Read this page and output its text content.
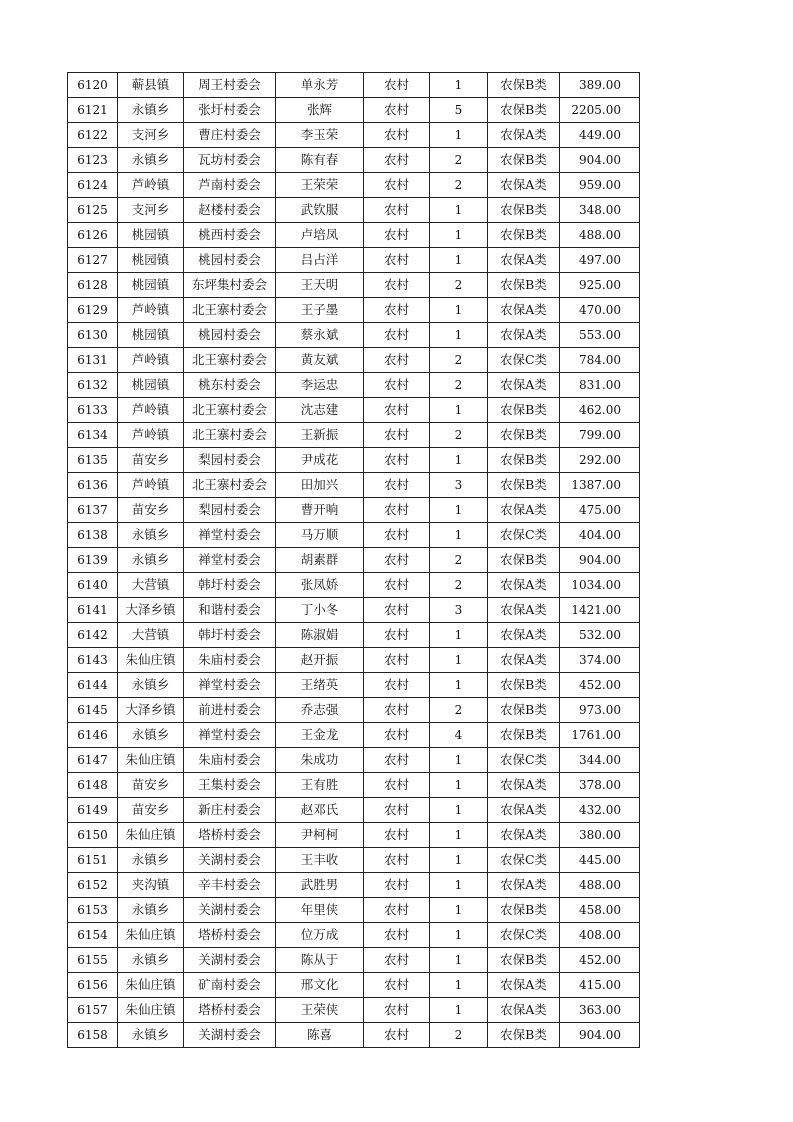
6120	蕲县镇	周王村委会	单永芳	农村	1	农保B类	389.00
6121	永镇乡	张圩村委会	张辉	农村	5	农保B类	2205.00
6122	支河乡	曹庄村委会	李玉荣	农村	1	农保A类	449.00
6123	永镇乡	瓦坊村委会	陈有春	农村	2	农保B类	904.00
6124	芦岭镇	芦南村委会	王荣荣	农村	2	农保A类	959.00
6125	支河乡	赵楼村委会	武钦服	农村	1	农保B类	348.00
6126	桃园镇	桃西村委会	卢培凤	农村	1	农保B类	488.00
6127	桃园镇	桃园村委会	吕占洋	农村	1	农保A类	497.00
6128	桃园镇	东坪集村委会	王天明	农村	2	农保B类	925.00
6129	芦岭镇	北王寨村委会	王子墨	农村	1	农保A类	470.00
6130	桃园镇	桃园村委会	蔡永斌	农村	1	农保A类	553.00
6131	芦岭镇	北王寨村委会	黄友斌	农村	2	农保C类	784.00
6132	桃园镇	桃东村委会	李运忠	农村	2	农保A类	831.00
6133	芦岭镇	北王寨村委会	沈志建	农村	1	农保B类	462.00
6134	芦岭镇	北王寨村委会	王新振	农村	2	农保B类	799.00
6135	苗安乡	梨园村委会	尹成花	农村	1	农保B类	292.00
6136	芦岭镇	北王寨村委会	田加兴	农村	3	农保B类	1387.00
6137	苗安乡	梨园村委会	曹开响	农村	1	农保A类	475.00
6138	永镇乡	禅堂村委会	马万顺	农村	1	农保C类	404.00
6139	永镇乡	禅堂村委会	胡素群	农村	2	农保B类	904.00
6140	大营镇	韩圩村委会	张凤娇	农村	2	农保A类	1034.00
6141	大泽乡镇	和谐村委会	丁小冬	农村	3	农保A类	1421.00
6142	大营镇	韩圩村委会	陈淑娟	农村	1	农保A类	532.00
6143	朱仙庄镇	朱庙村委会	赵开振	农村	1	农保A类	374.00
6144	永镇乡	禅堂村委会	王绪英	农村	1	农保B类	452.00
6145	大泽乡镇	前进村委会	乔志强	农村	2	农保B类	973.00
6146	永镇乡	禅堂村委会	王金龙	农村	4	农保B类	1761.00
6147	朱仙庄镇	朱庙村委会	朱成功	农村	1	农保C类	344.00
6148	苗安乡	王集村委会	王有胜	农村	1	农保A类	378.00
6149	苗安乡	新庄村委会	赵邓氏	农村	1	农保A类	432.00
6150	朱仙庄镇	塔桥村委会	尹柯柯	农村	1	农保A类	380.00
6151	永镇乡	关湖村委会	王丰收	农村	1	农保C类	445.00
6152	夹沟镇	辛丰村委会	武胜男	农村	1	农保A类	488.00
6153	永镇乡	关湖村委会	年里侠	农村	1	农保B类	458.00
6154	朱仙庄镇	塔桥村委会	位万成	农村	1	农保C类	408.00
6155	永镇乡	关湖村委会	陈从于	农村	1	农保B类	452.00
6156	朱仙庄镇	矿南村委会	邢文化	农村	1	农保A类	415.00
6157	朱仙庄镇	塔桥村委会	王荣侠	农村	1	农保A类	363.00
6158	永镇乡	关湖村委会	陈喜	农村	2	农保B类	904.00
